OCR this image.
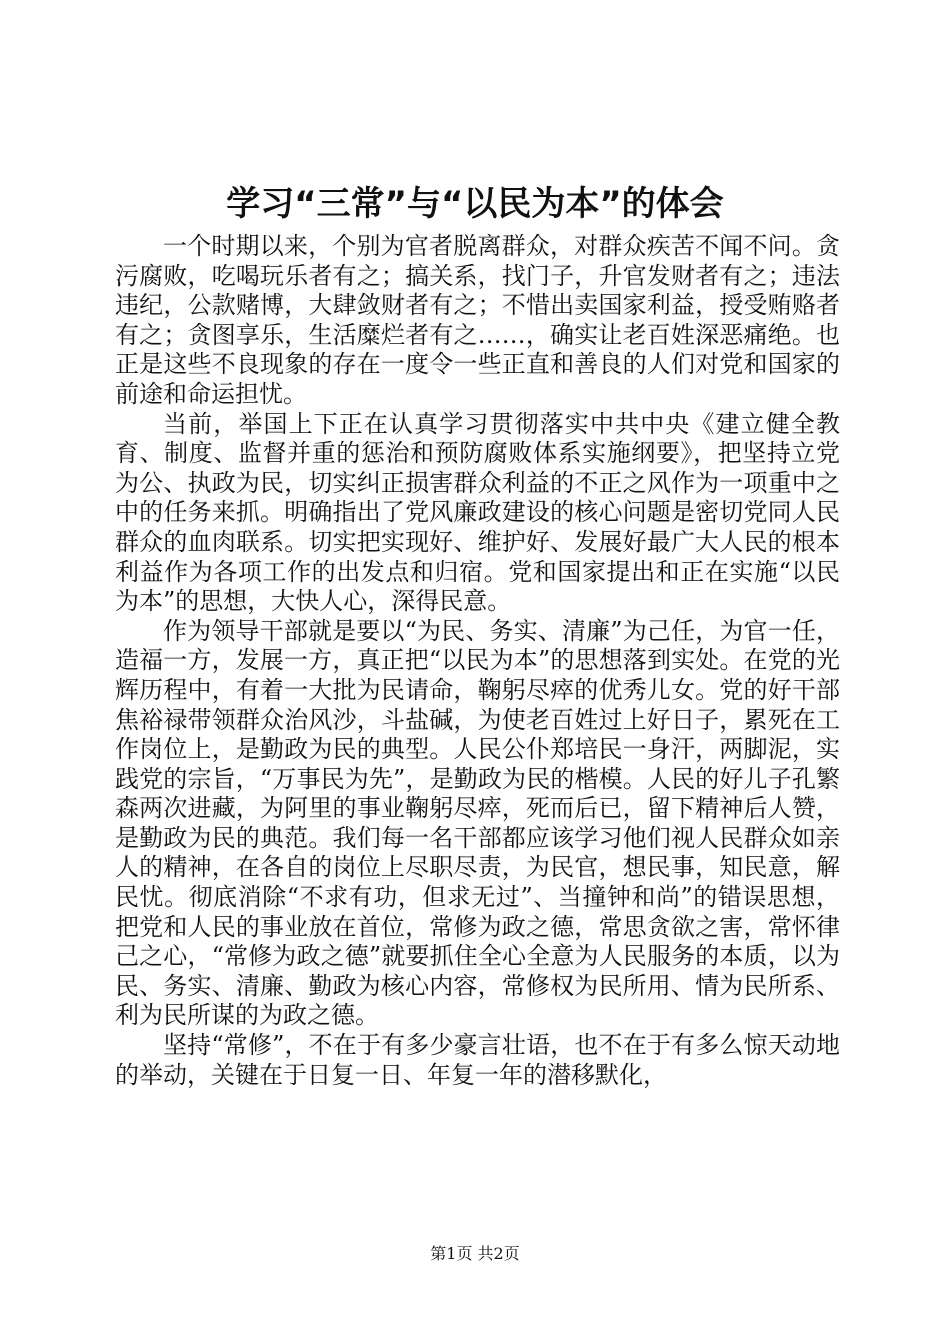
学习“三常”与“以民为本”的体会

一个时期以来，个别为官者脱离群众，对群众疾苦不闻不问。贪污腐败，吃喝玩乐者有之；搞关系，找门子，升官发财者有之；违法违纪，公款赌博，大肆敛财者有之；不惜出卖国家利益，授受贿赂者有之；贪图享乐，生活糜烂者有之……，确实让老百姓深恶痛绝。也正是这些不良现象的存在一度令一些正直和善良的人们对党和国家的前途和命运担忧。

当前，举国上下正在认真学习贯彻落实中共中央《建立健全教育、制度、监督并重的惩治和预防腐败体系实施纲要》，把坚持立党为公、执政为民，切实纠正损害群众利益的不正之风作为一项重中之中的任务来抓。明确指出了党风廉政建设的核心问题是密切党同人民群众的血肉联系。切实把实现好、维护好、发展好最广大人民的根本利益作为各项工作的出发点和归宿。党和国家提出和正在实施“以民为本”的思想，大快人心，深得民意。

作为领导干部就是要以“为民、务实、清廉”为己任，为官一任，造福一方，发展一方，真正把“以民为本”的思想落到实处。在党的光辉历程中，有着一大批为民请命，鞠躬尽瘁的优秀儿女。党的好干部焦裕禄带领群众治风沙，斗盐碱，为使老百姓过上好日子，累死在工作岗位上，是勤政为民的典型。人民公仆郑培民一身汗，两脚泥，实践党的宗旨，“万事民为先”，是勤政为民的楷模。人民的好儿子孔繁森两次进藏，为阿里的事业鞠躬尽瘁，死而后已，留下精神后人赞，是勤政为民的典范。我们每一名干部都应该学习他们视人民群众如亲人的精神，在各自的岗位上尽职尽责，为民官，想民事，知民意，解民忧。彻底消除“不求有功，但求无过”、当撞钟和尚”的错误思想，把党和人民的事业放在首位，常修为政之德，常思贪欲之害，常怀律己之心，“常修为政之德”就要抓住全心全意为人民服务的本质，以为民、务实、清廉、勤政为核心内容，常修权为民所用、情为民所系、利为民所谋的为政之德。

坚持“常修”，不在于有多少豪言壮语，也不在于有多么惊天动地的举动，关键在于日复一日、年复一年的潜移默化，

第1页 共2页
